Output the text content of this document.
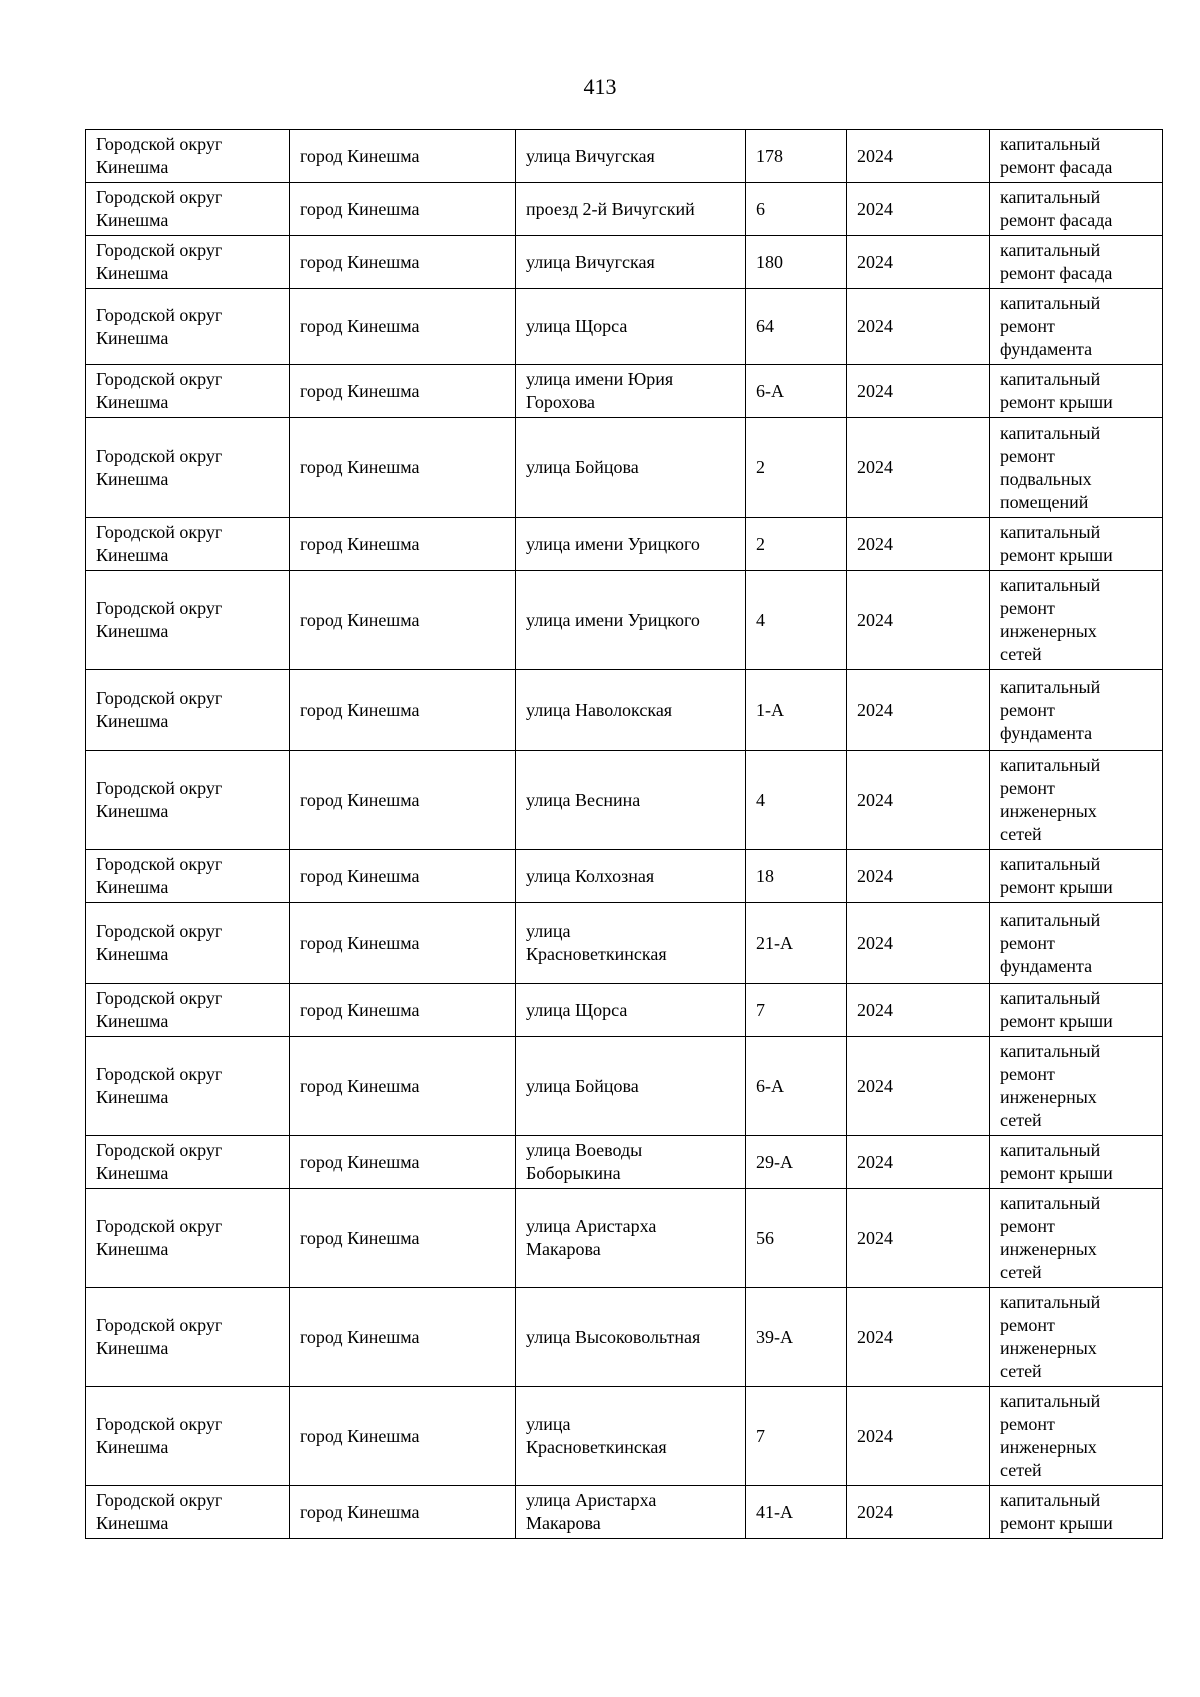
413
Городской округ Кинешма	город Кинешма	улица Вичугская	178	2024	капитальный ремонт фасада
Городской округ Кинешма	город Кинешма	проезд 2-й Вичугский	6	2024	капитальный ремонт фасада
Городской округ Кинешма	город Кинешма	улица Вичугская	180	2024	капитальный ремонт фасада
Городской округ Кинешма	город Кинешма	улица Щорса	64	2024	капитальный ремонт фундамента
Городской округ Кинешма	город Кинешма	улица имени Юрия Горохова	6-А	2024	капитальный ремонт крыши
Городской округ Кинешма	город Кинешма	улица Бойцова	2	2024	капитальный ремонт подвальных помещений
Городской округ Кинешма	город Кинешма	улица имени Урицкого	2	2024	капитальный ремонт крыши
Городской округ Кинешма	город Кинешма	улица имени Урицкого	4	2024	капитальный ремонт инженерных сетей
Городской округ Кинешма	город Кинешма	улица Наволокская	1-А	2024	капитальный ремонт фундамента
Городской округ Кинешма	город Кинешма	улица Веснина	4	2024	капитальный ремонт инженерных сетей
Городской округ Кинешма	город Кинешма	улица Колхозная	18	2024	капитальный ремонт крыши
Городской округ Кинешма	город Кинешма	улица Красноветкинская	21-А	2024	капитальный ремонт фундамента
Городской округ Кинешма	город Кинешма	улица Щорса	7	2024	капитальный ремонт крыши
Городской округ Кинешма	город Кинешма	улица Бойцова	6-А	2024	капитальный ремонт инженерных сетей
Городской округ Кинешма	город Кинешма	улица Воеводы Боборыкина	29-А	2024	капитальный ремонт крыши
Городской округ Кинешма	город Кинешма	улица Аристарха Макарова	56	2024	капитальный ремонт инженерных сетей
Городской округ Кинешма	город Кинешма	улица Высоковольтная	39-А	2024	капитальный ремонт инженерных сетей
Городской округ Кинешма	город Кинешма	улица Красноветкинская	7	2024	капитальный ремонт инженерных сетей
Городской округ Кинешма	город Кинешма	улица Аристарха Макарова	41-А	2024	капитальный ремонт крыши
